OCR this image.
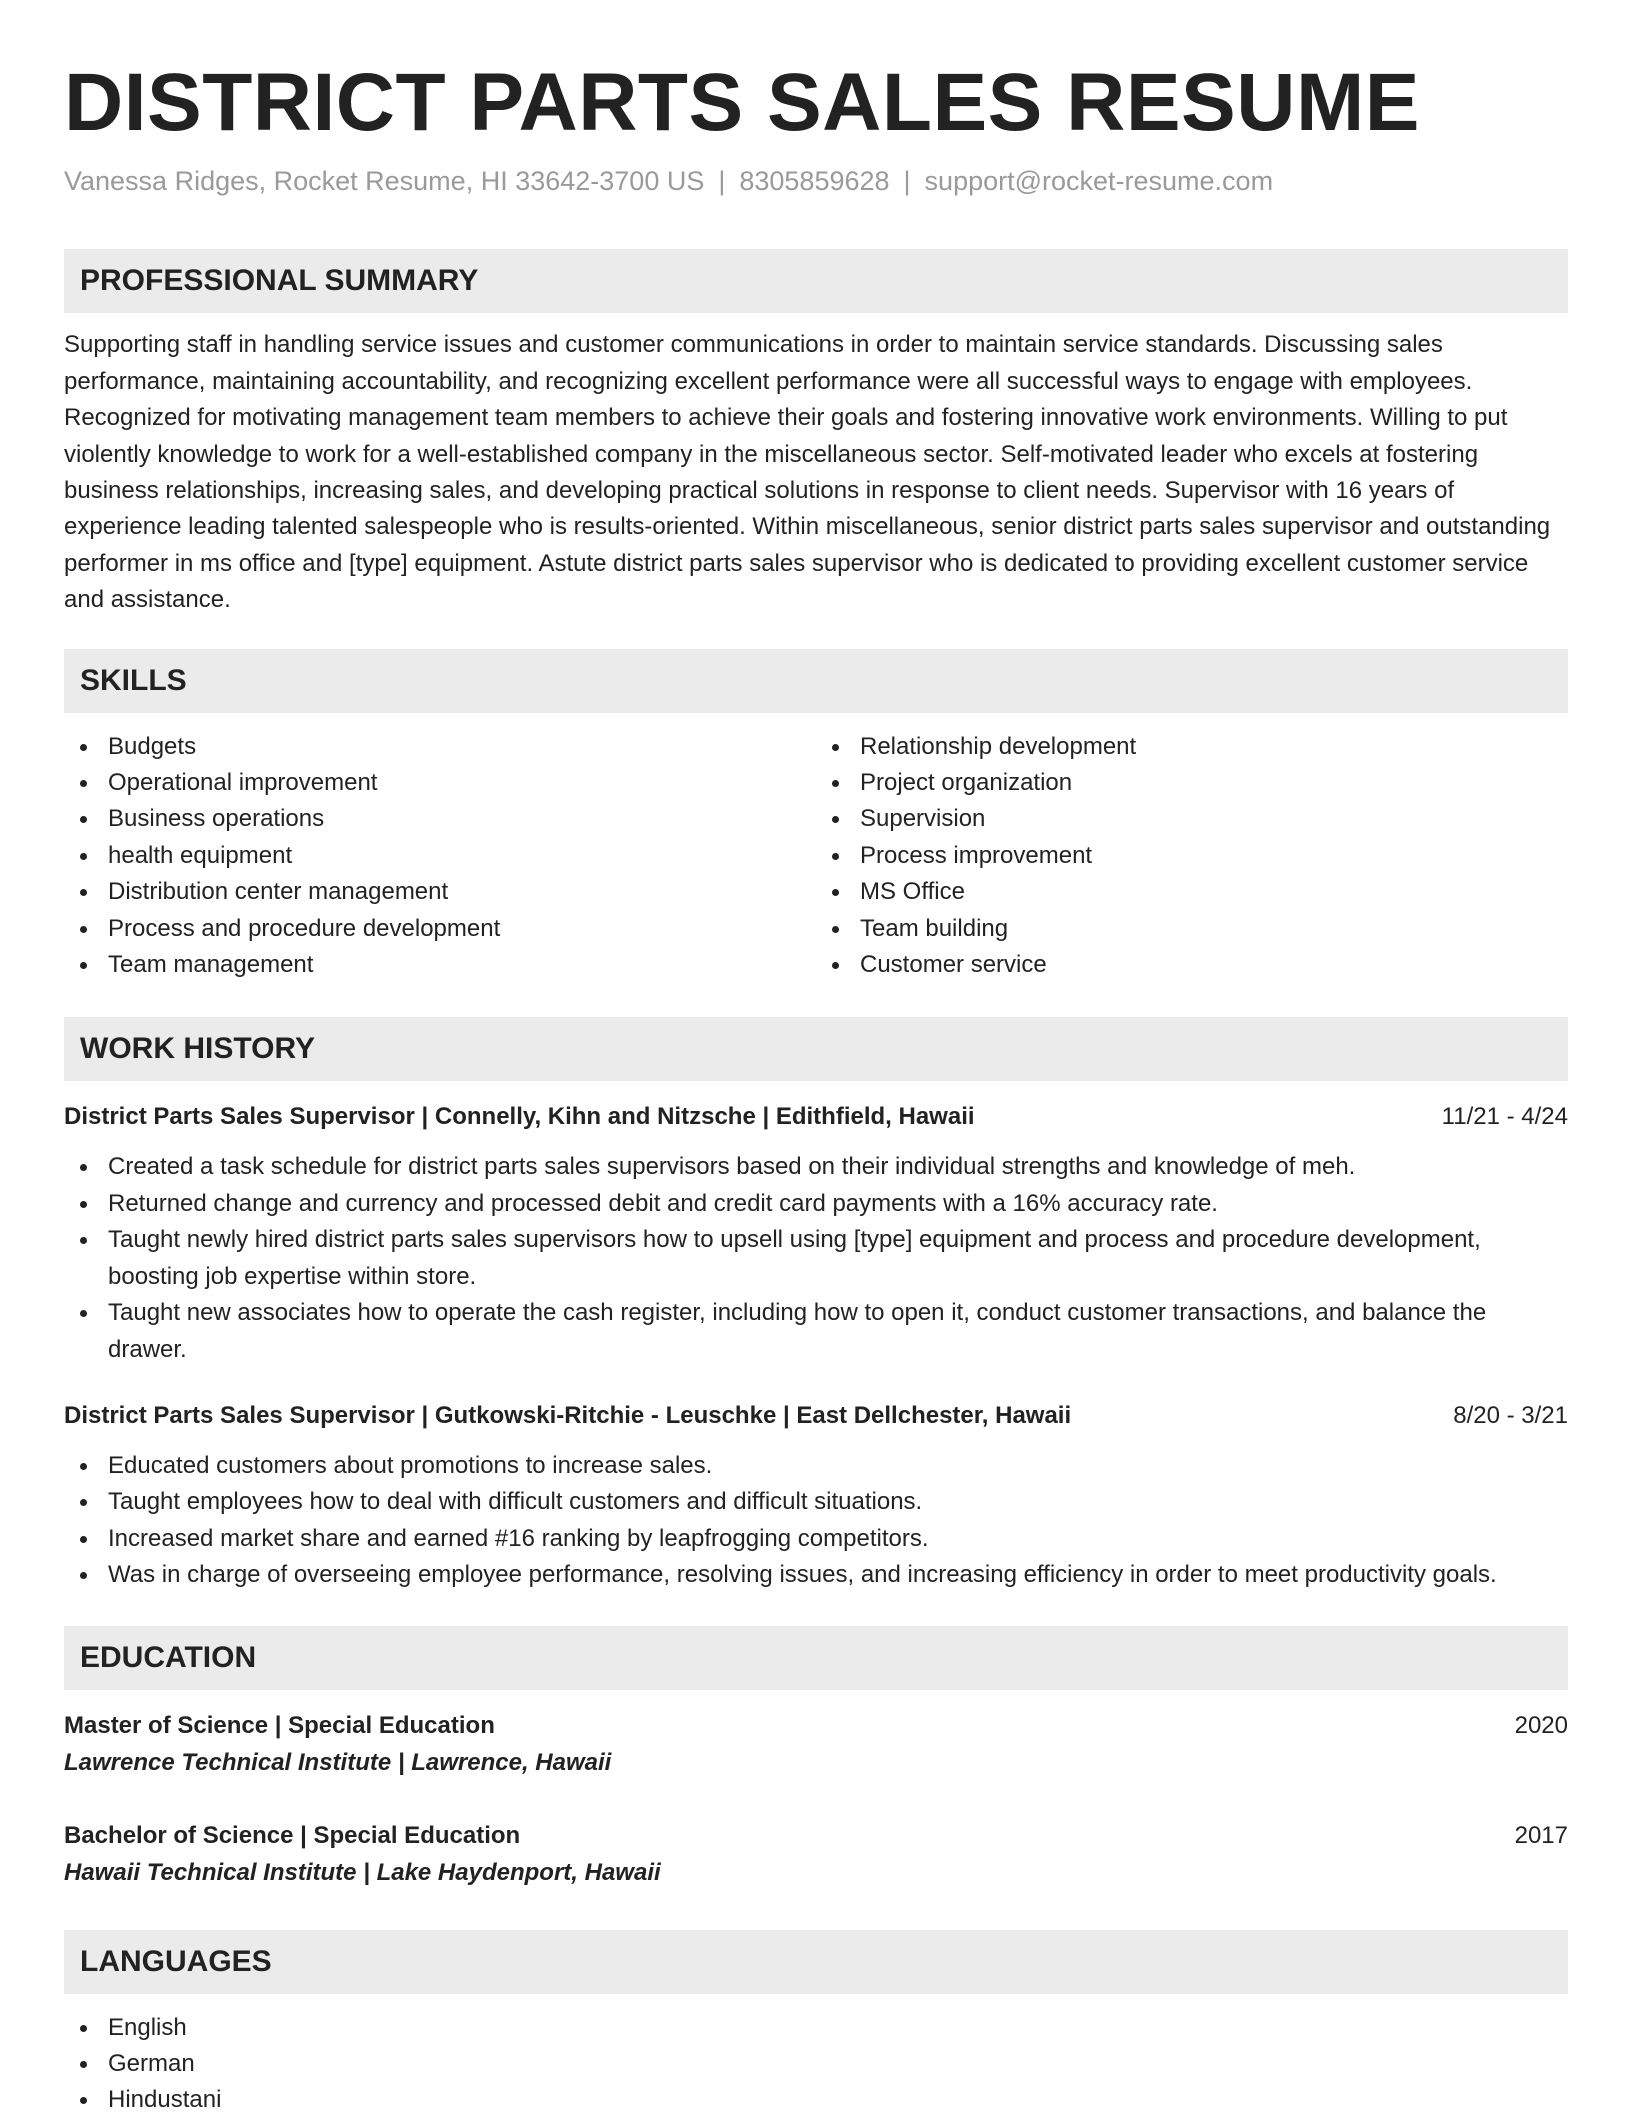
DISTRICT PARTS SALES RESUME
Vanessa Ridges, Rocket Resume, HI 33642-3700 US | 8305859628 | support@rocket-resume.com
PROFESSIONAL SUMMARY

Supporting staff in handling service issues and customer communications in order to maintain service standards. Discussing sales performance, maintaining accountability, and recognizing excellent performance were all successful ways to engage with employees. Recognized for motivating management team members to achieve their goals and fostering innovative work environments. Willing to put violently knowledge to work for a well-established company in the miscellaneous sector. Self-motivated leader who excels at fostering business relationships, increasing sales, and developing practical solutions in response to client needs. Supervisor with 16 years of experience leading talented salespeople who is results-oriented. Within miscellaneous, senior district parts sales supervisor and outstanding performer in ms office and [type] equipment. Astute district parts sales supervisor who is dedicated to providing excellent customer service and assistance.

SKILLS
Budgets
Operational improvement
Business operations
health equipment
Distribution center management
Process and procedure development
Team management
Relationship development
Project organization
Supervision
Process improvement
MS Office
Team building
Customer service
WORK HISTORY
District Parts Sales Supervisor | Connelly, Kihn and Nitzsche | Edithfield, Hawaii	11/21 - 4/24
Created a task schedule for district parts sales supervisors based on their individual strengths and knowledge of meh.
Returned change and currency and processed debit and credit card payments with a 16% accuracy rate.
Taught newly hired district parts sales supervisors how to upsell using [type] equipment and process and procedure development, boosting job expertise within store.
Taught new associates how to operate the cash register, including how to open it, conduct customer transactions, and balance the drawer.
District Parts Sales Supervisor | Gutkowski-Ritchie - Leuschke | East Dellchester, Hawaii	8/20 - 3/21
Educated customers about promotions to increase sales.
Taught employees how to deal with difficult customers and difficult situations.
Increased market share and earned #16 ranking by leapfrogging competitors.
Was in charge of overseeing employee performance, resolving issues, and increasing efficiency in order to meet productivity goals.
EDUCATION
Master of Science | Special Education	2020
Lawrence Technical Institute | Lawrence, Hawaii
Bachelor of Science | Special Education	2017
Hawaii Technical Institute | Lake Haydenport, Hawaii
LANGUAGES
English
German
Hindustani
